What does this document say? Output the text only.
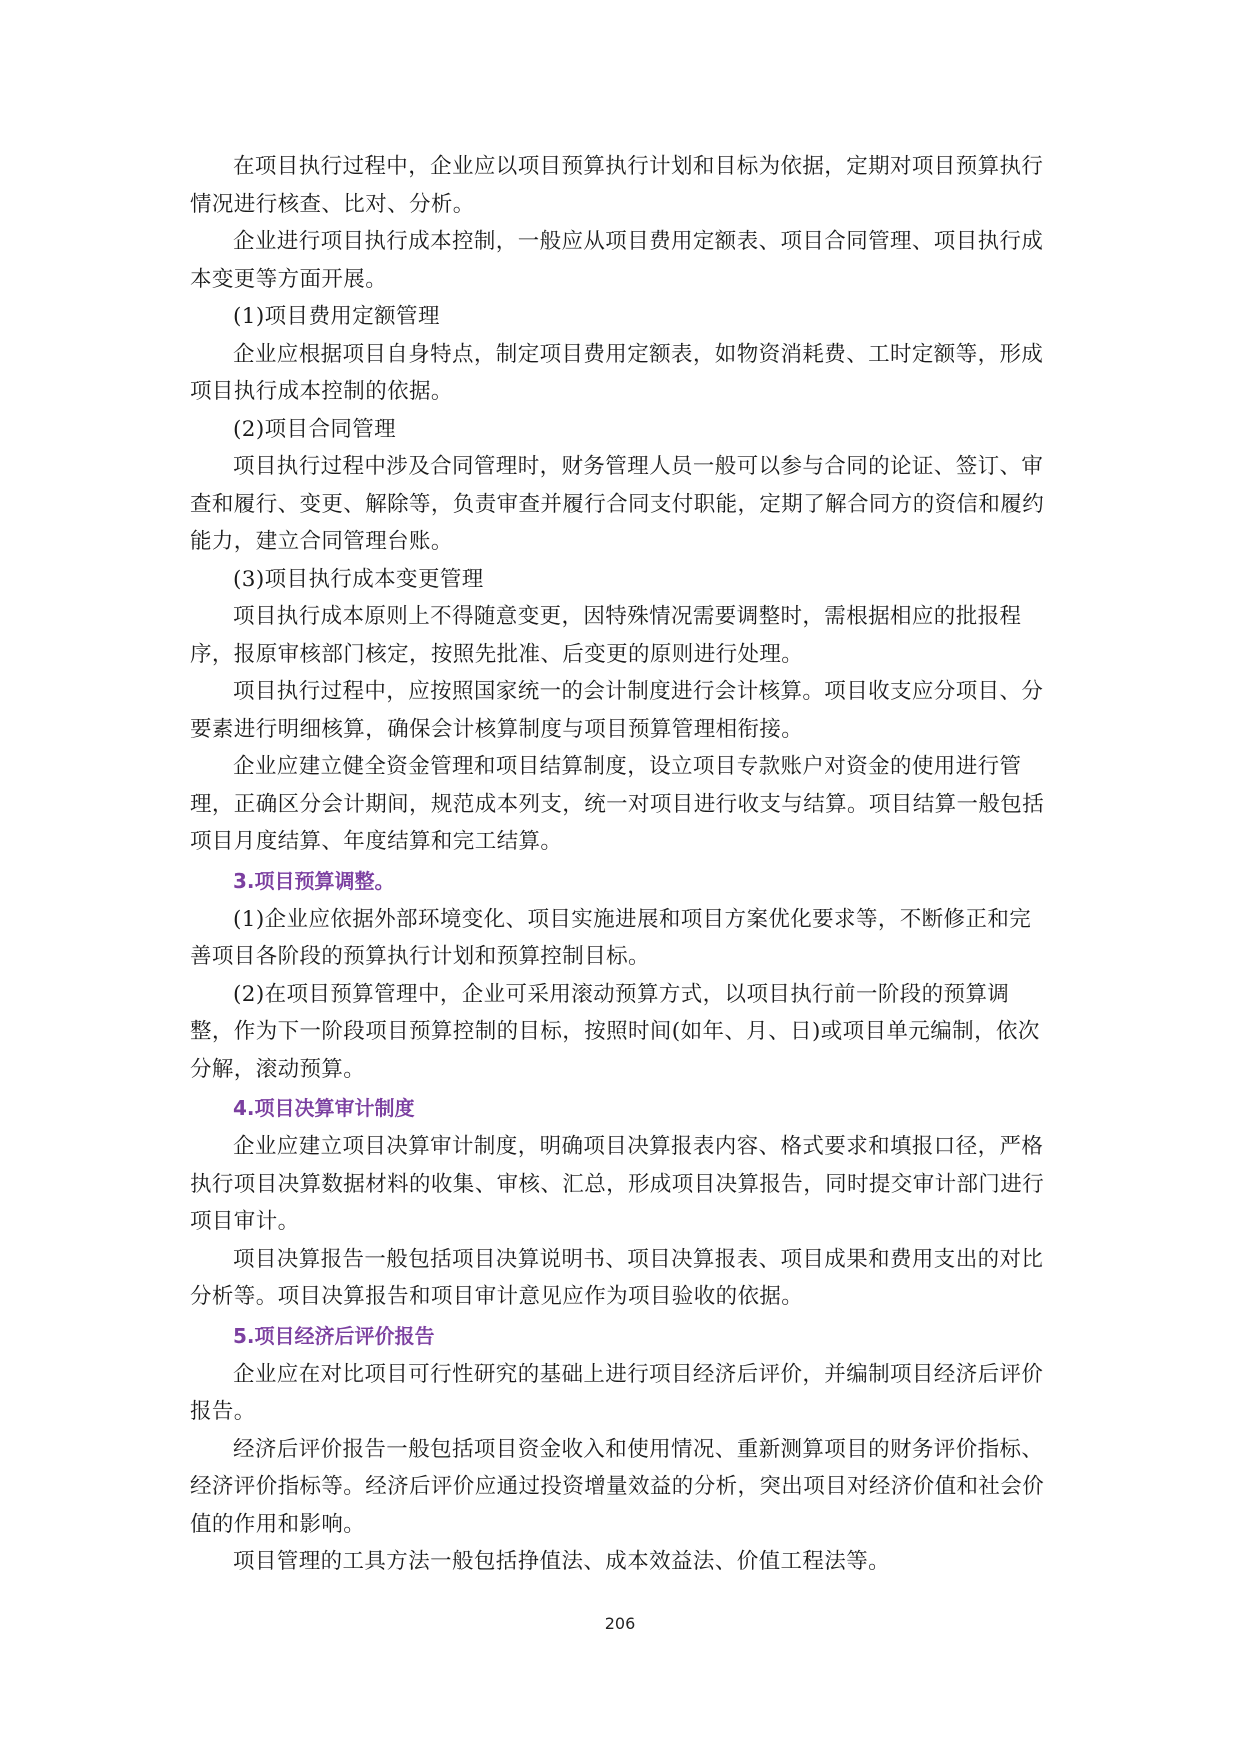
在项目执行过程中，企业应以项目预算执行计划和目标为依据，定期对项目预算执行情况进行核查、比对、分析。

企业进行项目执行成本控制，一般应从项目费用定额表、项目合同管理、项目执行成本变更等方面开展。

(1)项目费用定额管理

企业应根据项目自身特点，制定项目费用定额表，如物资消耗费、工时定额等，形成项目执行成本控制的依据。

(2)项目合同管理

项目执行过程中涉及合同管理时，财务管理人员一般可以参与合同的论证、签订、审查和履行、变更、解除等，负责审查并履行合同支付职能，定期了解合同方的资信和履约能力，建立合同管理台账。

(3)项目执行成本变更管理

项目执行成本原则上不得随意变更，因特殊情况需要调整时，需根据相应的批报程序，报原审核部门核定，按照先批准、后变更的原则进行处理。

项目执行过程中，应按照国家统一的会计制度进行会计核算。项目收支应分项目、分要素进行明细核算，确保会计核算制度与项目预算管理相衔接。

企业应建立健全资金管理和项目结算制度，设立项目专款账户对资金的使用进行管理，正确区分会计期间，规范成本列支，统一对项目进行收支与结算。项目结算一般包括项目月度结算、年度结算和完工结算。

3.项目预算调整。

(1)企业应依据外部环境变化、项目实施进展和项目方案优化要求等，不断修正和完善项目各阶段的预算执行计划和预算控制目标。

(2)在项目预算管理中，企业可采用滚动预算方式，以项目执行前一阶段的预算调整，作为下一阶段项目预算控制的目标，按照时间(如年、月、日)或项目单元编制，依次分解，滚动预算。

4.项目决算审计制度

企业应建立项目决算审计制度，明确项目决算报表内容、格式要求和填报口径，严格执行项目决算数据材料的收集、审核、汇总，形成项目决算报告，同时提交审计部门进行项目审计。

项目决算报告一般包括项目决算说明书、项目决算报表、项目成果和费用支出的对比分析等。项目决算报告和项目审计意见应作为项目验收的依据。

5.项目经济后评价报告

企业应在对比项目可行性研究的基础上进行项目经济后评价，并编制项目经济后评价报告。

经济后评价报告一般包括项目资金收入和使用情况、重新测算项目的财务评价指标、经济评价指标等。经济后评价应通过投资增量效益的分析，突出项目对经济价值和社会价值的作用和影响。

项目管理的工具方法一般包括挣值法、成本效益法、价值工程法等。

206
